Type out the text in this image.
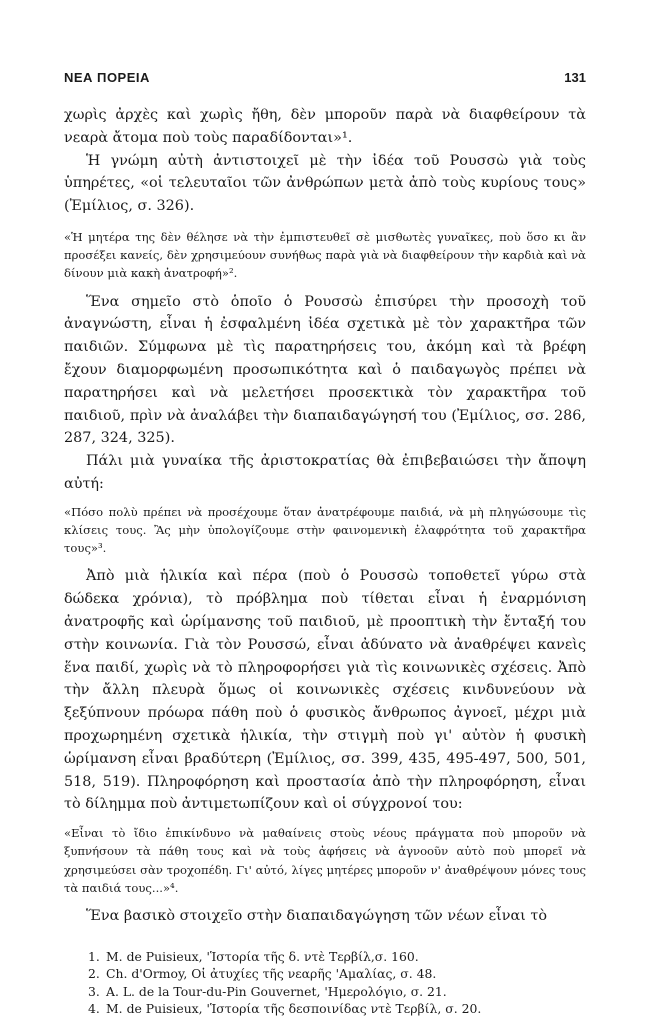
ΝΕΑ ΠΟΡΕΙΑ	131

χωρὶς ἀρχὲς καὶ χωρὶς ἤθη, δὲν μποροῦν παρὰ νὰ διαφθείρουν τὰ νεαρὰ ἄτομα ποὺ τοὺς παραδίδονται»¹.

Ἡ γνώμη αὐτὴ ἀντιστοιχεῖ μὲ τὴν ἰδέα τοῦ Ρουσσὼ γιὰ τοὺς ὑπηρέτες, «οἱ τελευταῖοι τῶν ἀνθρώπων μετὰ ἀπὸ τοὺς κυρίους τους» (Ἐμίλιος, σ. 326).

«Ἡ μητέρα της δὲν θέλησε νὰ τὴν ἐμπιστευθεῖ σὲ μισθωτὲς γυναῖκες, ποὺ ὅσο κι ἂν προσέξει κανείς, δὲν χρησιμεύουν συνήθως παρὰ γιὰ νὰ διαφθείρουν τὴν καρδιὰ καὶ νὰ δίνουν μιὰ κακὴ ἀνατροφή»².

Ἕνα σημεῖο στὸ ὁποῖο ὁ Ρουσσὼ ἐπισύρει τὴν προσοχὴ τοῦ ἀναγνώστη, εἶναι ἡ ἐσφαλμένη ἰδέα σχετικὰ μὲ τὸν χαρακτῆρα τῶν παιδιῶν. Σύμφωνα μὲ τὶς παρατηρήσεις του, ἀκόμη καὶ τὰ βρέφη ἔχουν διαμορφωμένη προσωπικότητα καὶ ὁ παιδαγωγὸς πρέπει νὰ παρατηρήσει καὶ νὰ μελετήσει προσεκτικὰ τὸν χαρακτῆρα τοῦ παιδιοῦ, πρὶν νὰ ἀναλάβει τὴν διαπαιδαγώγησή του (Ἐμίλιος, σσ. 286, 287, 324, 325).

Πάλι μιὰ γυναίκα τῆς ἀριστοκρατίας θὰ ἐπιβεβαιώσει τὴν ἄποψη αὐτή:

«Πόσο πολὺ πρέπει νὰ προσέχουμε ὅταν ἀνατρέφουμε παιδιά, νὰ μὴ πληγώσουμε τὶς κλίσεις τους. Ἂς μὴν ὑπολογίζουμε στὴν φαινομενικὴ ἐλαφρότητα τοῦ χαρακτῆρα τους»³.

Ἀπὸ μιὰ ἡλικία καὶ πέρα (ποὺ ὁ Ρουσσὼ τοποθετεῖ γύρω στὰ δώδεκα χρόνια), τὸ πρόβλημα ποὺ τίθεται εἶναι ἡ ἐναρμόνιση ἀνατροφῆς καὶ ὡρίμανσης τοῦ παιδιοῦ, μὲ προοπτικὴ τὴν ἔνταξή του στὴν κοινωνία. Γιὰ τὸν Ρουσσώ, εἶναι ἀδύνατο νὰ ἀναθρέψει κανεὶς ἕνα παιδί, χωρὶς νὰ τὸ πληροφορήσει γιὰ τὶς κοινωνικὲς σχέσεις. Ἀπὸ τὴν ἄλλη πλευρὰ ὅμως οἱ κοινωνικὲς σχέσεις κινδυνεύουν νὰ ξεξύπνουν πρόωρα πάθη ποὺ ὁ φυσικὸς ἄνθρωπος ἀγνοεῖ, μέχρι μιὰ προχωρημένη σχετικὰ ἡλικία, τὴν στιγμὴ ποὺ γι' αὐτὸν ἡ φυσικὴ ὡρίμανση εἶναι βραδύτερη (Ἐμίλιος, σσ. 399, 435, 495-497, 500, 501, 518, 519). Πληροφόρηση καὶ προστασία ἀπὸ τὴν πληροφόρηση, εἶναι τὸ δίλημμα ποὺ ἀντιμετωπίζουν καὶ οἱ σύγχρονοί του:

«Εἶναι τὸ ἴδιο ἐπικίνδυνο νὰ μαθαίνεις στοὺς νέους πράγματα ποὺ μποροῦν νὰ ξυπνήσουν τὰ πάθη τους καὶ νὰ τοὺς ἀφήσεις νὰ ἀγνοοῦν αὐτὸ ποὺ μπορεῖ νὰ χρησιμεύσει σὰν τροχοπέδη. Γι' αὐτό, λίγες μητέρες μποροῦν ν' ἀναθρέψουν μόνες τους τὰ παιδιά τους...»⁴.

Ἕνα βασικὸ στοιχεῖο στὴν διαπαιδαγώγηση τῶν νέων εἶναι τὸ

1. M. de Puisieux, 'Ἱστορία τῆς δ. ντὲ Τερβίλ,σ. 160.
2. Ch. d'Ormoy, Οἱ ἀτυχίες τῆς νεαρῆς 'Αμαλίας, σ. 48.
3. A. L. de la Tour-du-Pin Gouvernet, 'Ημερολόγιο, σ. 21.
4. M. de Puisieux, 'Ἱστορία τῆς δεσποινίδας ντὲ Τερβίλ, σ. 20.
